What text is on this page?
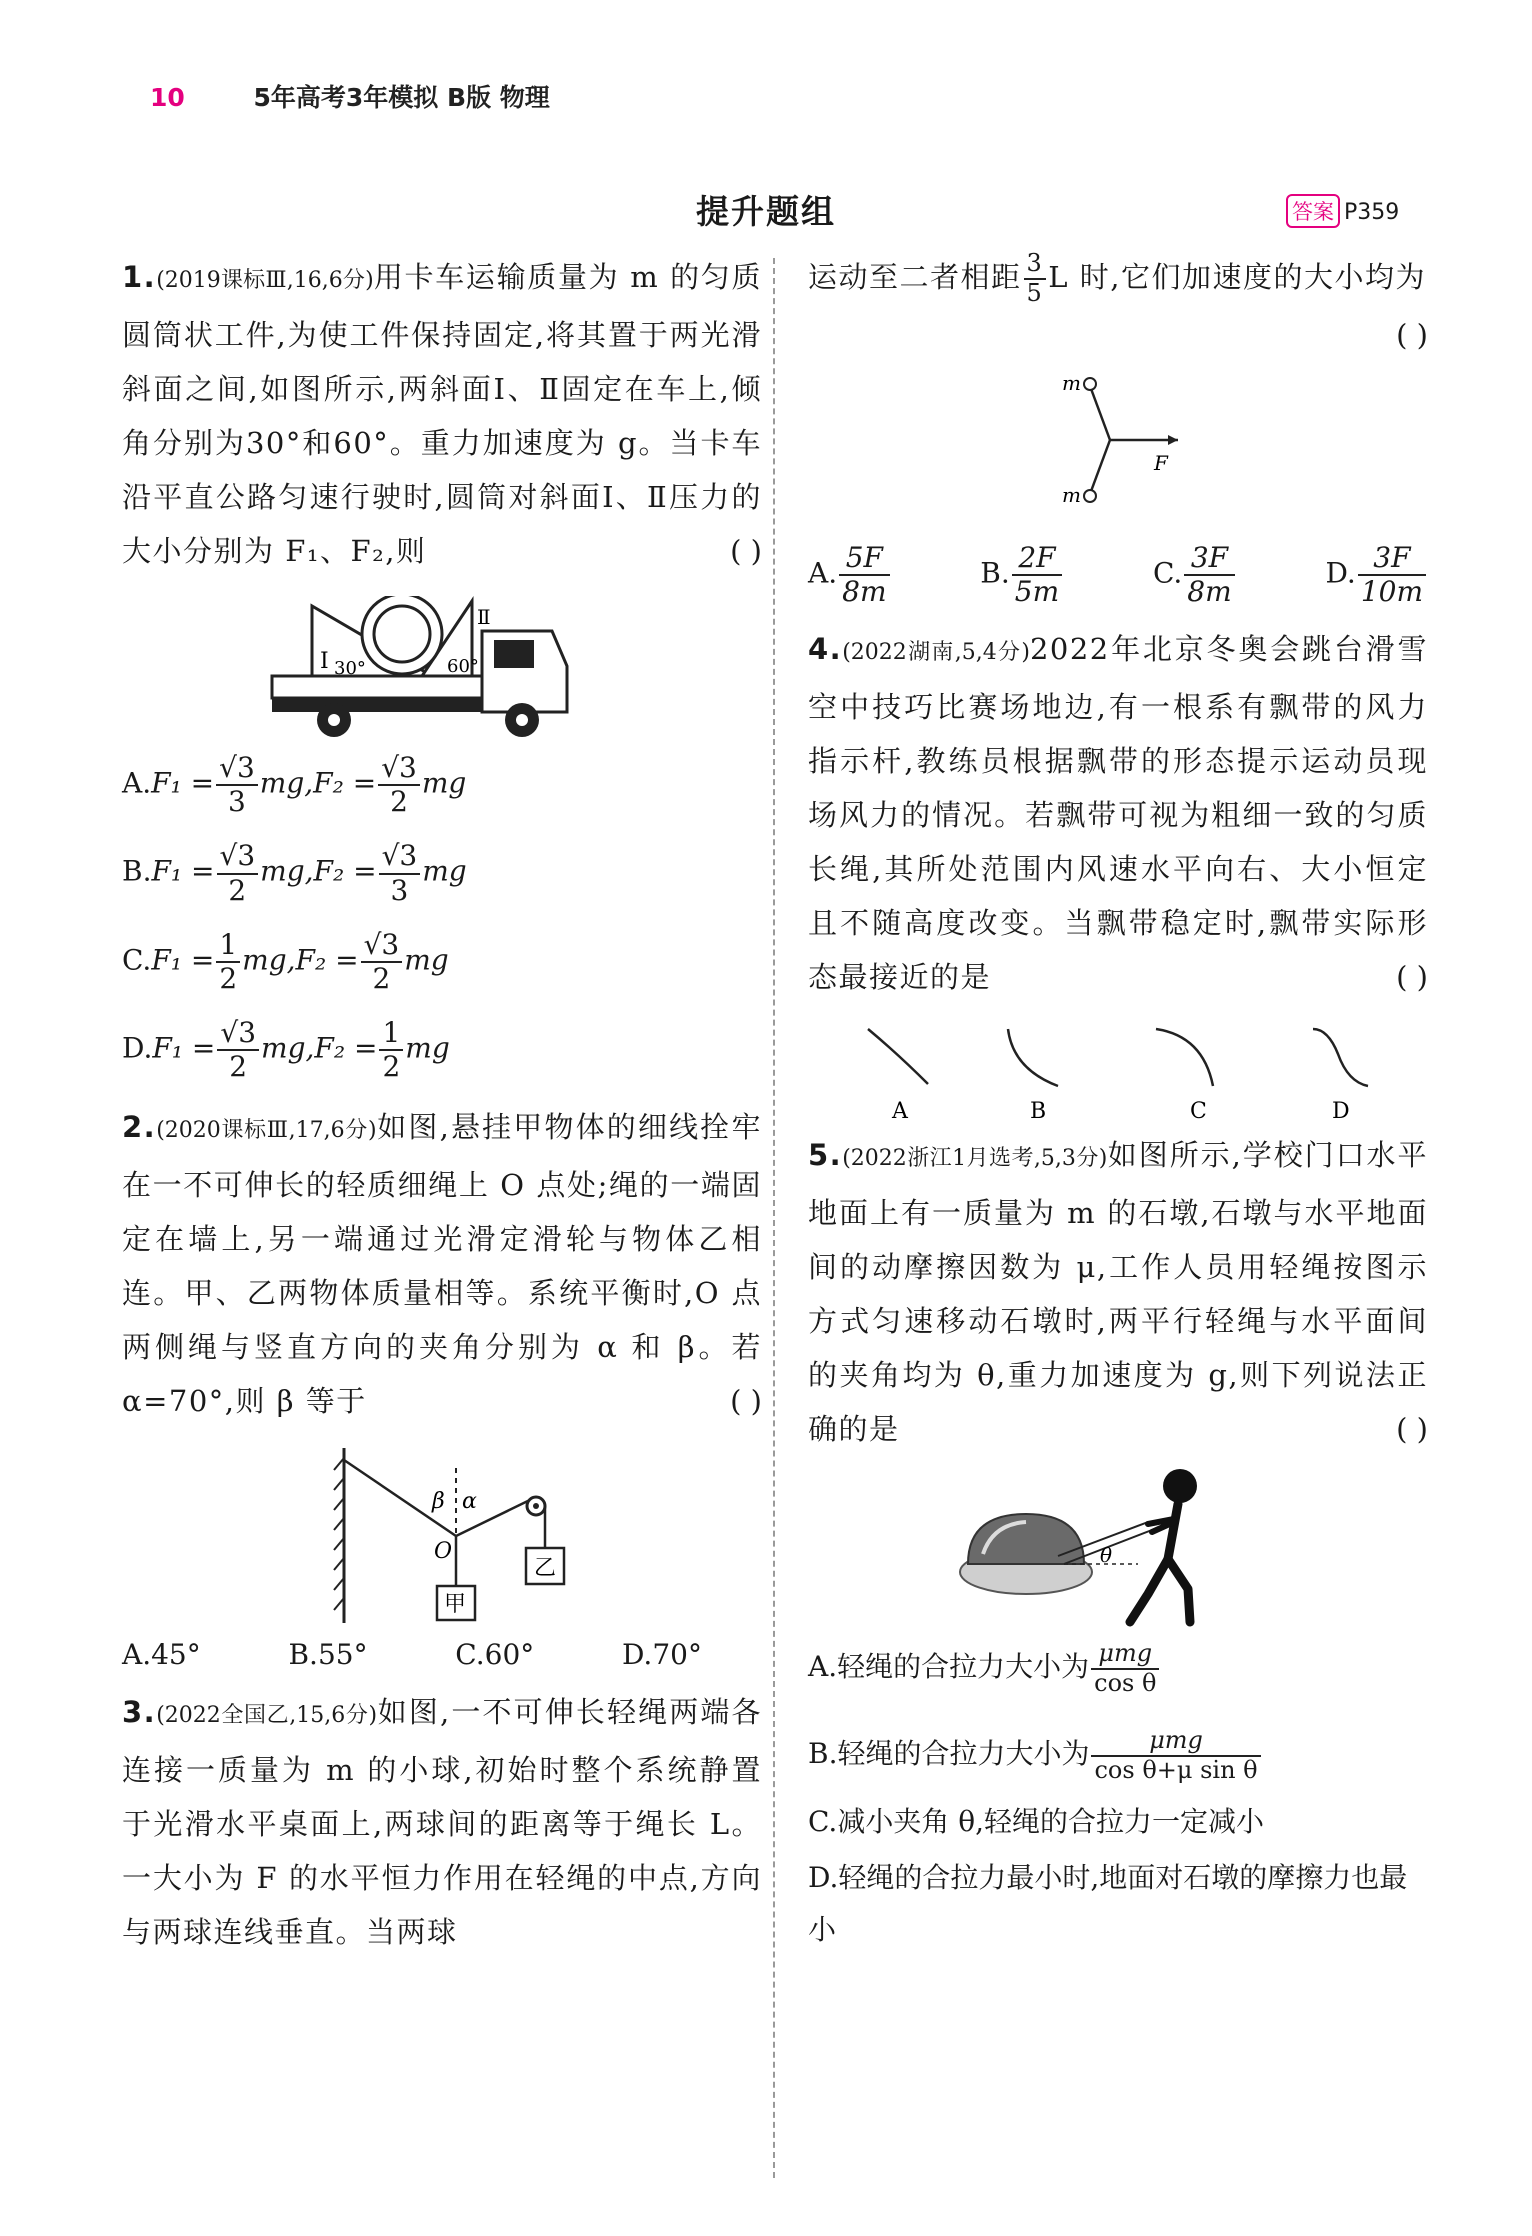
10	5年高考3年模拟 B版 物理
提升题组	答案 P359
1.(2019课标Ⅲ,16,6分)用卡车运输质量为 m 的匀质圆筒状工件,为使工件保持固定,将其置于两光滑斜面之间,如图所示,两斜面Ⅰ、Ⅱ固定在车上,倾角分别为30°和60°。重力加速度为 g。当卡车沿平直公路匀速行驶时,圆筒对斜面Ⅰ、Ⅱ压力的大小分别为 F₁、F₂,则	( )
Ⅰ 30°	60°
Ⅱ
$A.F_1 = \frac{√3}{3} mg,F_2 = \frac{√3}{2}$ mg
$B.F_1 = \frac{√3}{2} mg,F_2 = \frac{√3}{3}$ mg
$C.F_1 = \frac{1}{2} mg,F_2 = \frac{√3}{2}$ mg
$D.F_1 = \frac{√3}{2} mg,F_2 = \frac{1}{2}$ mg
2.(2020课标Ⅲ,17,6分)如图,悬挂甲物体的细线拴牢在一不可伸长的轻质细绳上 O 点处;绳的一端固定在墙上,另一端通过光滑定滑轮与物体乙相连。甲、乙两物体质量相等。系统平衡时,O 点两侧绳与竖直方向的夹角分别为 α 和 β。若α=70°,则 β 等于	( )
乙
甲
β α
O
A.45°	B.55°	C.60°	D.70°
3.(2022全国乙,15,6分)如图,一不可伸长轻绳两端各连接一质量为 m 的小球,初始时整个系统静置于光滑水平桌面上,两球间的距离等于绳长 L。一大小为 F 的水平恒力作用在轻绳的中点,方向与两球连线垂直。当两球
运动至二者相距 $\frac{3}{5}$ L 时,它们加速度的大小均为
( )
m
m
F
A. $\frac{5F}{8m}$	B. $\frac{2F}{5m}$	C. $\frac{3F}{8m}$	D. $\frac{3F}{10m}$
4.(2022湖南,5,4分)2022年北京冬奥会跳台滑雪空中技巧比赛场地边,有一根系有飘带的风力指示杆,教练员根据飘带的形态提示运动员现场风力的情况。若飘带可视为粗细一致的匀质长绳,其所处范围内风速水平向右、大小恒定且不随高度改变。当飘带稳定时,飘带实际形态最接近的是	( )
A	B	C	D
5.(2022浙江1月选考,5,3分)如图所示,学校门口水平地面上有一质量为 m 的石墩,石墩与水平地面间的动摩擦因数为 μ,工作人员用轻绳按图示方式匀速移动石墩时,两平行轻绳与水平面间的夹角均为 θ,重力加速度为 g,则下列说法正确的是	( )
θ
A.轻绳的合拉力大小为 $\frac{\text{μmg}}{\text{cos θ}}$
B.轻绳的合拉力大小为 $\frac{\text{μmg}}{\text{cos θ+μ sin θ}}$
C.减小夹角 θ,轻绳的合拉力一定减小
D.轻绳的合拉力最小时,地面对石墩的摩擦力也最小
